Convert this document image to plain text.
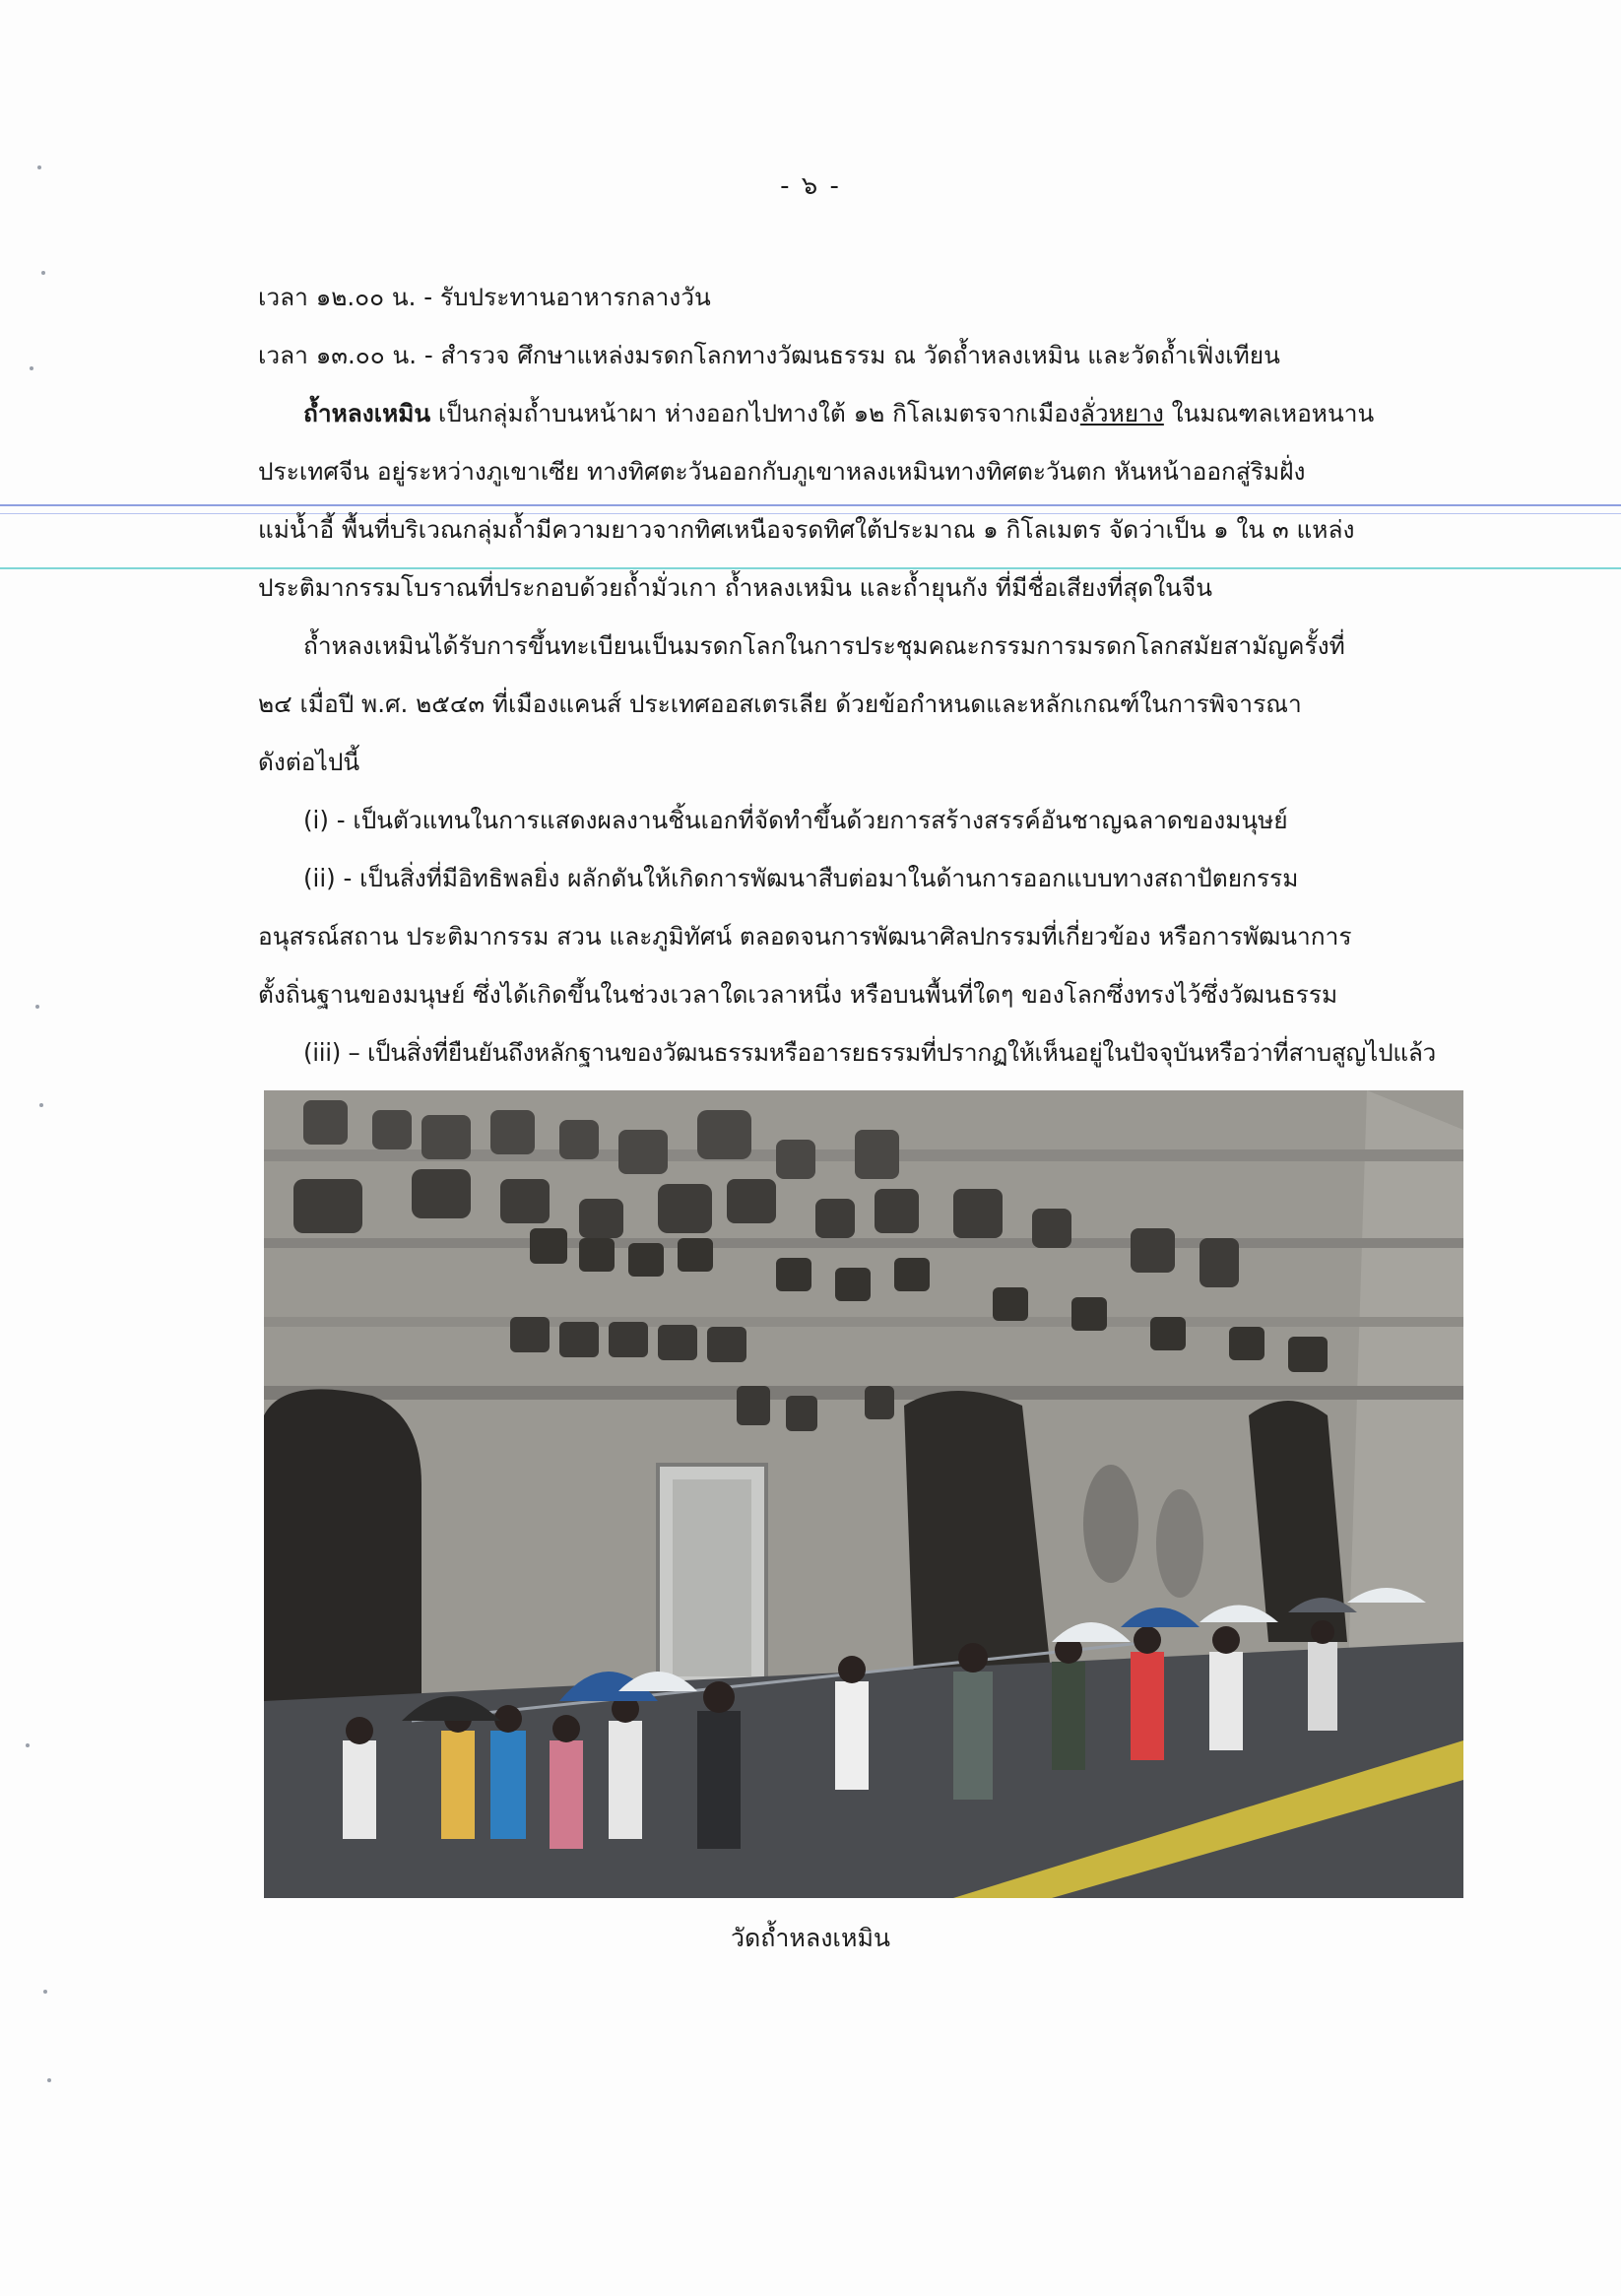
- ๖ -
เวลา ๑๒.๐๐ น. - รับประทานอาหารกลางวัน
เวลา ๑๓.๐๐ น. - สำรวจ ศึกษาแหล่งมรดกโลกทางวัฒนธรรม ณ วัดถ้ำหลงเหมิน และวัดถ้ำเฟิ่งเทียน
ถ้ำหลงเหมิน เป็นกลุ่มถ้ำบนหน้าผา ห่างออกไปทางใต้ ๑๒ กิโลเมตรจากเมืองลั่วหยาง ในมณฑลเหอหนาน
ประเทศจีน อยู่ระหว่างภูเขาเซีย ทางทิศตะวันออกกับภูเขาหลงเหมินทางทิศตะวันตก หันหน้าออกสู่ริมฝั่ง
แม่น้ำอี้ พื้นที่บริเวณกลุ่มถ้ำมีความยาวจากทิศเหนือจรดทิศใต้ประมาณ ๑ กิโลเมตร จัดว่าเป็น ๑ ใน ๓ แหล่ง
ประติมากรรมโบราณที่ประกอบด้วยถ้ำมั่วเกา ถ้ำหลงเหมิน และถ้ำยุนกัง ที่มีชื่อเสียงที่สุดในจีน
ถ้ำหลงเหมินได้รับการขึ้นทะเบียนเป็นมรดกโลกในการประชุมคณะกรรมการมรดกโลกสมัยสามัญครั้งที่
๒๔ เมื่อปี พ.ศ. ๒๕๔๓ ที่เมืองแคนส์ ประเทศออสเตรเลีย ด้วยข้อกำหนดและหลักเกณฑ์ในการพิจารณา
ดังต่อไปนี้
(i) - เป็นตัวแทนในการแสดงผลงานชิ้นเอกที่จัดทำขึ้นด้วยการสร้างสรรค์อันชาญฉลาดของมนุษย์
(ii) - เป็นสิ่งที่มีอิทธิพลยิ่ง ผลักดันให้เกิดการพัฒนาสืบต่อมาในด้านการออกแบบทางสถาปัตยกรรม
อนุสรณ์สถาน ประติมากรรม สวน และภูมิทัศน์ ตลอดจนการพัฒนาศิลปกรรมที่เกี่ยวข้อง หรือการพัฒนาการ
ตั้งถิ่นฐานของมนุษย์ ซึ่งได้เกิดขึ้นในช่วงเวลาใดเวลาหนึ่ง หรือบนพื้นที่ใดๆ ของโลกซึ่งทรงไว้ซึ่งวัฒนธรรม
(iii) – เป็นสิ่งที่ยืนยันถึงหลักฐานของวัฒนธรรมหรืออารยธรรมที่ปรากฏให้เห็นอยู่ในปัจจุบันหรือว่าที่สาบสูญไปแล้ว
วัดถ้ำหลงเหมิน
